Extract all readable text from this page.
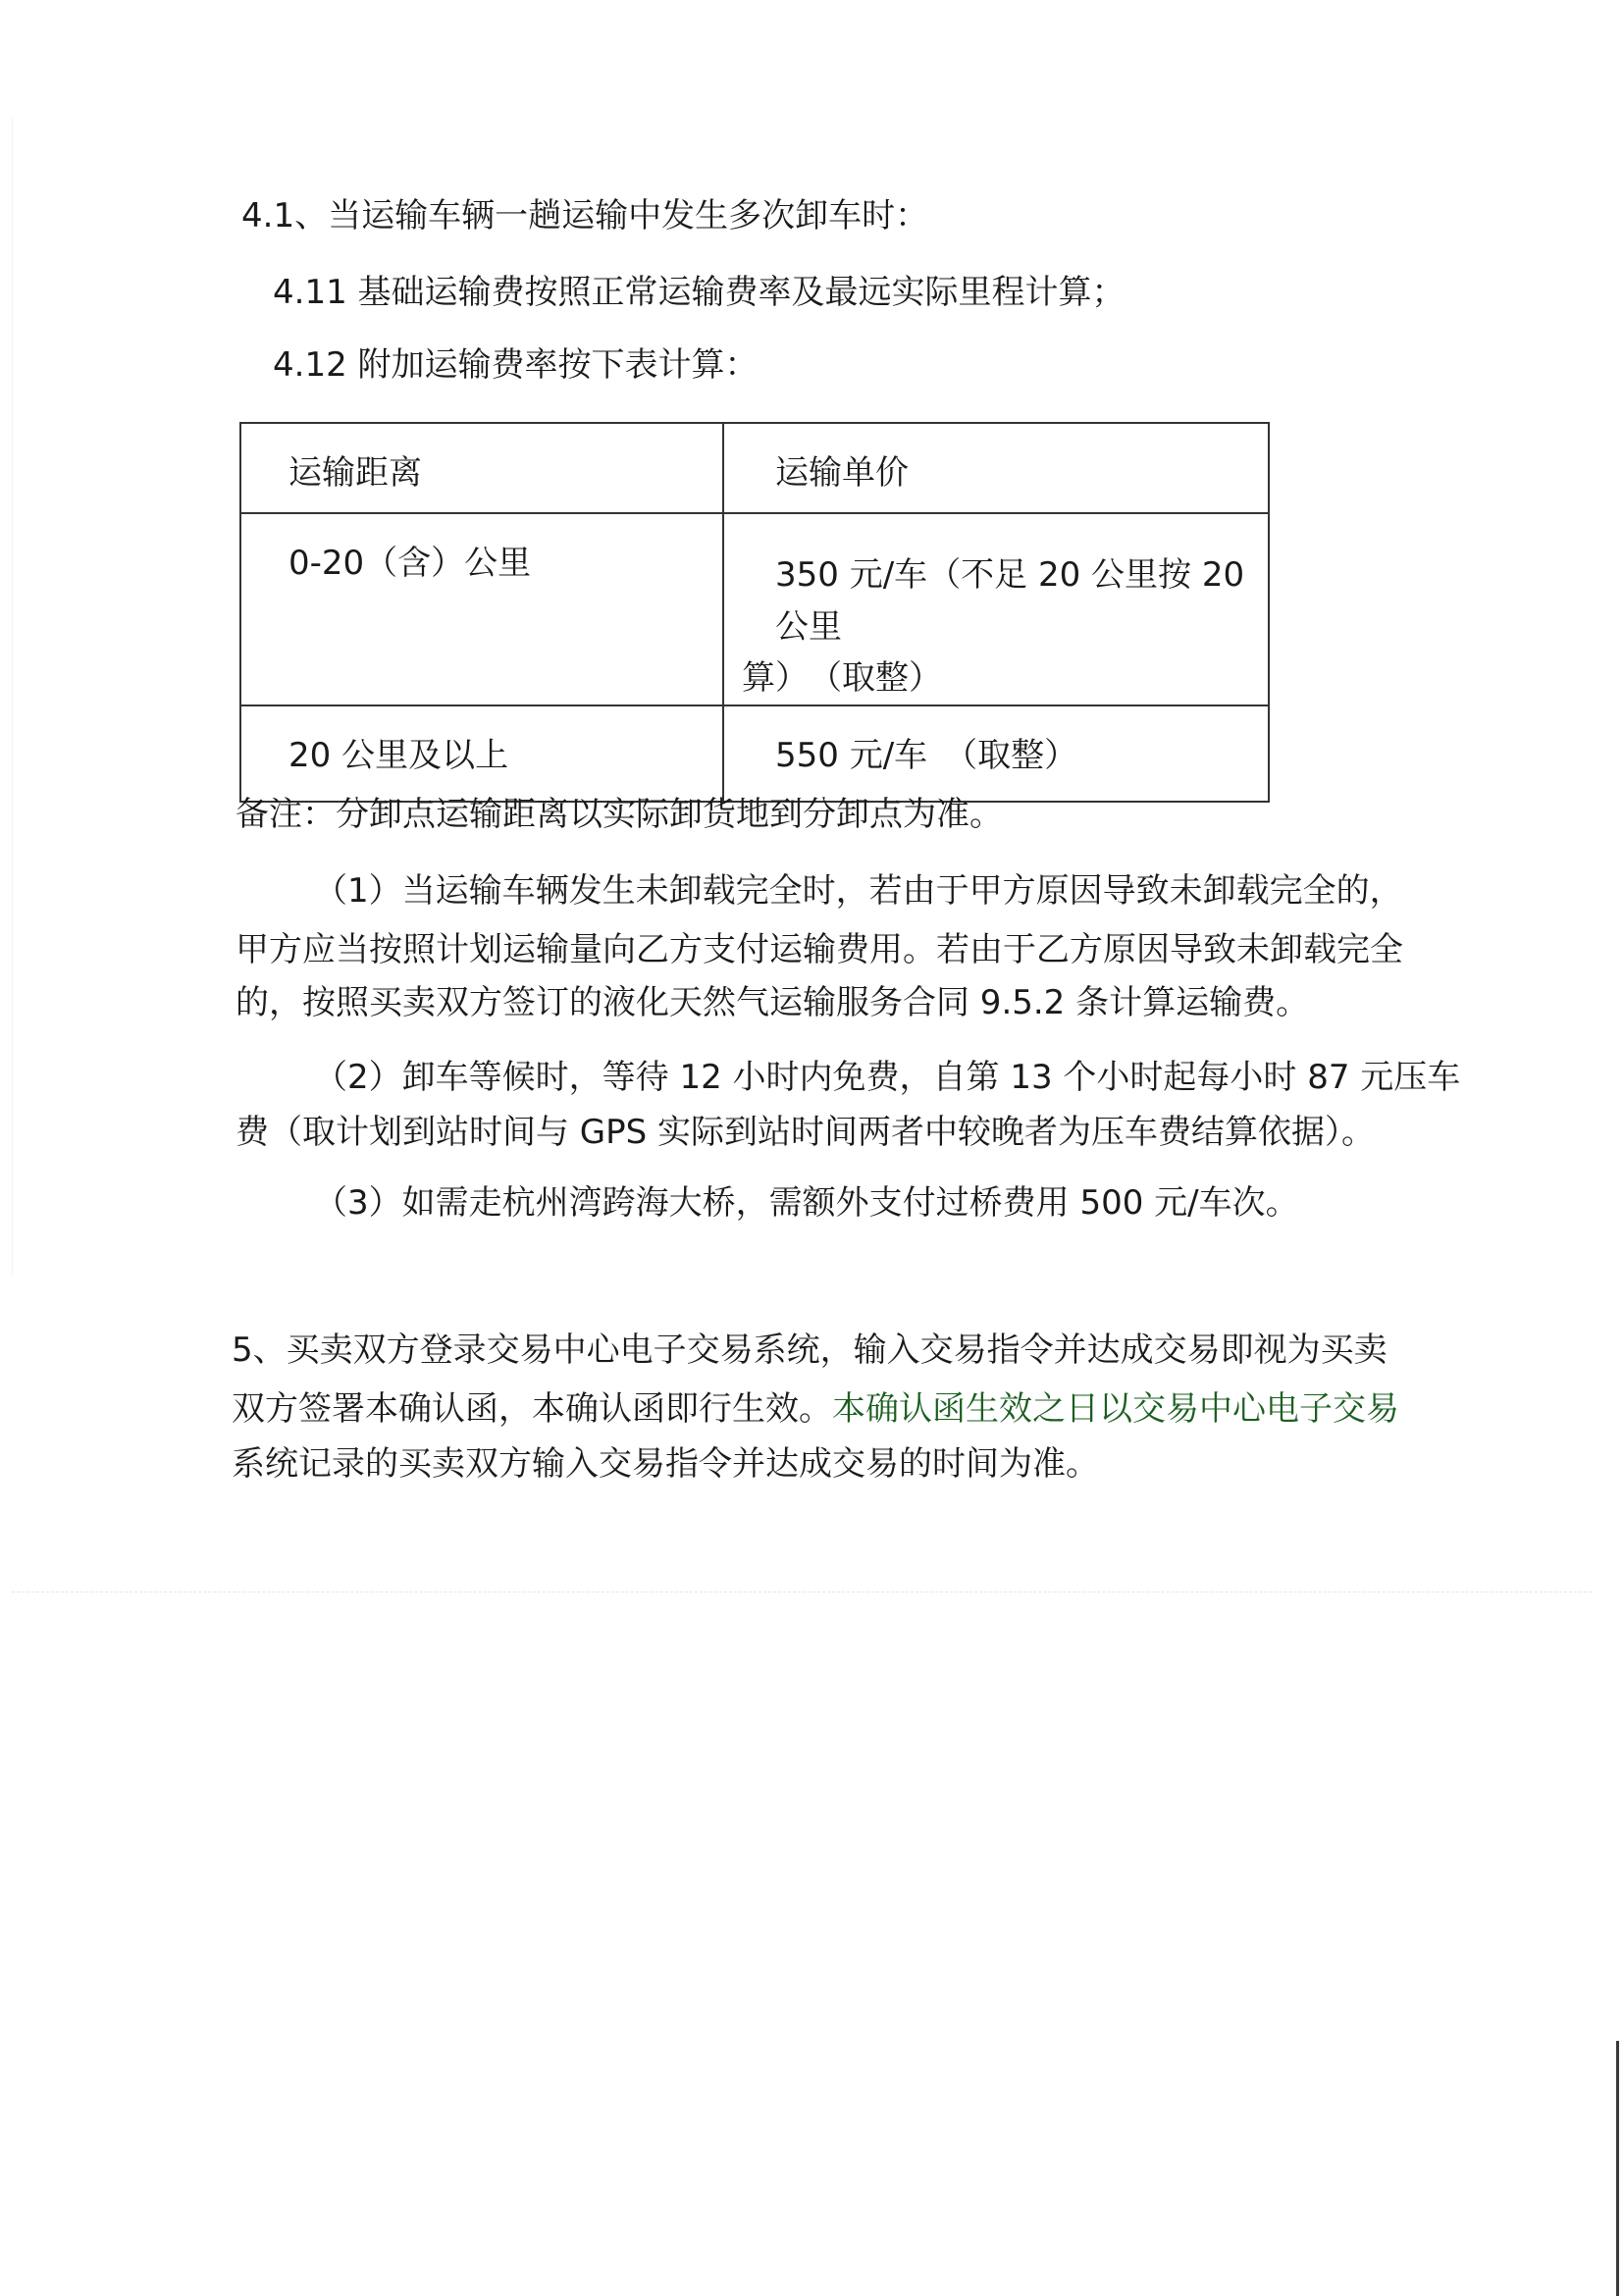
4.1、当运输车辆一趟运输中发生多次卸车时：
4.11 基础运输费按照正常运输费率及最远实际里程计算；
4.12 附加运输费率按下表计算：
运输距离	运输单价

0-20（含）公里	350 元/车（不足 20 公里按 20 公里
算）　（取整）

20 公里及以上	550 元/车　（取整）
备注：分卸点运输距离以实际卸货地到分卸点为准。
（1）当运输车辆发生未卸载完全时，若由于甲方原因导致未卸载完全的，
甲方应当按照计划运输量向乙方支付运输费用。若由于乙方原因导致未卸载完全
的，按照买卖双方签订的液化天然气运输服务合同 9.5.2 条计算运输费。
（2）卸车等候时，等待 12 小时内免费，自第 13 个小时起每小时 87 元压车
费（取计划到站时间与 GPS 实际到站时间两者中较晚者为压车费结算依据）。
（3）如需走杭州湾跨海大桥，需额外支付过桥费用 500 元/车次。
5、买卖双方登录交易中心电子交易系统，输入交易指令并达成交易即视为买卖
双方签署本确认函，本确认函即行生效。本确认函生效之日以交易中心电子交易
系统记录的买卖双方输入交易指令并达成交易的时间为准。
